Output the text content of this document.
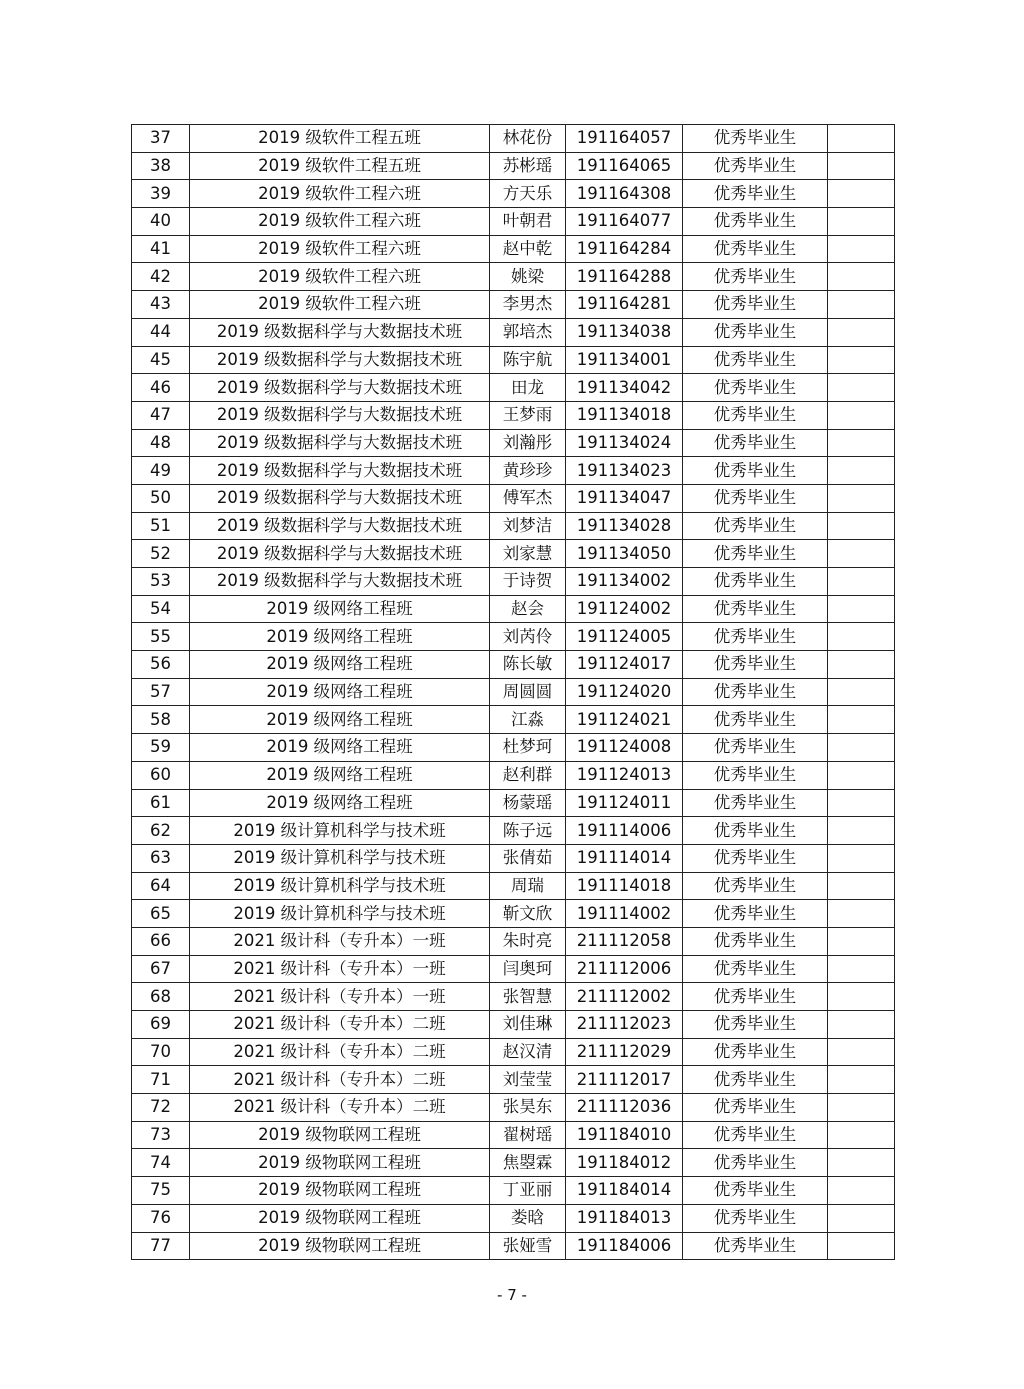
37	2019 级软件工程五班	林花份	191164057	优秀毕业生	
38	2019 级软件工程五班	苏彬瑶	191164065	优秀毕业生	
39	2019 级软件工程六班	方天乐	191164308	优秀毕业生	
40	2019 级软件工程六班	叶朝君	191164077	优秀毕业生	
41	2019 级软件工程六班	赵中乾	191164284	优秀毕业生	
42	2019 级软件工程六班	姚梁	191164288	优秀毕业生	
43	2019 级软件工程六班	李男杰	191164281	优秀毕业生	
44	2019 级数据科学与大数据技术班	郭培杰	191134038	优秀毕业生	
45	2019 级数据科学与大数据技术班	陈宇航	191134001	优秀毕业生	
46	2019 级数据科学与大数据技术班	田龙	191134042	优秀毕业生	
47	2019 级数据科学与大数据技术班	王梦雨	191134018	优秀毕业生	
48	2019 级数据科学与大数据技术班	刘瀚彤	191134024	优秀毕业生	
49	2019 级数据科学与大数据技术班	黄珍珍	191134023	优秀毕业生	
50	2019 级数据科学与大数据技术班	傅军杰	191134047	优秀毕业生	
51	2019 级数据科学与大数据技术班	刘梦洁	191134028	优秀毕业生	
52	2019 级数据科学与大数据技术班	刘家慧	191134050	优秀毕业生	
53	2019 级数据科学与大数据技术班	于诗贺	191134002	优秀毕业生	
54	2019 级网络工程班	赵会	191124002	优秀毕业生	
55	2019 级网络工程班	刘芮伶	191124005	优秀毕业生	
56	2019 级网络工程班	陈长敏	191124017	优秀毕业生	
57	2019 级网络工程班	周圆圆	191124020	优秀毕业生	
58	2019 级网络工程班	江淼	191124021	优秀毕业生	
59	2019 级网络工程班	杜梦珂	191124008	优秀毕业生	
60	2019 级网络工程班	赵利群	191124013	优秀毕业生	
61	2019 级网络工程班	杨蒙瑶	191124011	优秀毕业生	
62	2019 级计算机科学与技术班	陈子远	191114006	优秀毕业生	
63	2019 级计算机科学与技术班	张倩茹	191114014	优秀毕业生	
64	2019 级计算机科学与技术班	周瑞	191114018	优秀毕业生	
65	2019 级计算机科学与技术班	靳文欣	191114002	优秀毕业生	
66	2021 级计科（专升本）一班	朱时亮	211112058	优秀毕业生	
67	2021 级计科（专升本）一班	闫奥珂	211112006	优秀毕业生	
68	2021 级计科（专升本）一班	张智慧	211112002	优秀毕业生	
69	2021 级计科（专升本）二班	刘佳琳	211112023	优秀毕业生	
70	2021 级计科（专升本）二班	赵汉清	211112029	优秀毕业生	
71	2021 级计科（专升本）二班	刘莹莹	211112017	优秀毕业生	
72	2021 级计科（专升本）二班	张昊东	211112036	优秀毕业生	
73	2019 级物联网工程班	翟树瑶	191184010	优秀毕业生	
74	2019 级物联网工程班	焦曌霖	191184012	优秀毕业生	
75	2019 级物联网工程班	丁亚丽	191184014	优秀毕业生	
76	2019 级物联网工程班	娄晗	191184013	优秀毕业生	
77	2019 级物联网工程班	张娅雪	191184006	优秀毕业生	
- 7 -
